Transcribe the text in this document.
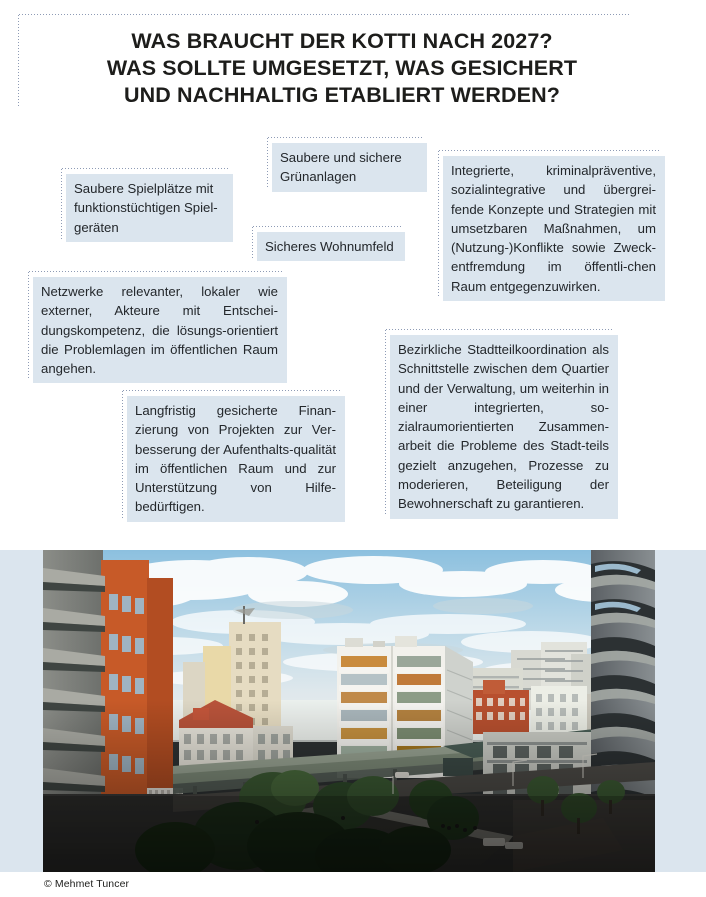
WAS BRAUCHT DER KOTTI NACH 2027?
WAS SOLLTE UMGESETZT, WAS GESICHERT
UND NACHHALTIG ETABLIERT WERDEN?
Saubere Spielplätze mit funktionstüchtigen Spiel-geräten
Saubere und sichere Grünanlagen
Sicheres Wohnumfeld
Integrierte, kriminalpräventive, sozialintegrative und übergrei-fende Konzepte und Strategien mit umsetzbaren Maßnahmen, um (Nutzung-)Konflikte sowie Zweck-entfremdung im öffentli-chen Raum entgegenzuwirken.
Netzwerke relevanter, lokaler wie externer, Akteure mit Entschei-dungskompetenz, die lösungs-orientiert die Problemlagen im öffentlichen Raum angehen.
Langfristig gesicherte Finan-zierung von Projekten zur Ver-besserung der Aufenthalts-qualität im öffentlichen Raum und zur Unterstützung von Hilfe-bedürftigen.
Bezirkliche Stadtteilkoordination als Schnittstelle zwischen dem Quartier und der Verwaltung, um weiterhin in einer integrierten, so-zialraumorientierten Zusammen-arbeit die Probleme des Stadt-teils gezielt anzugehen, Prozesse zu moderieren, Beteiligung der Bewohnerschaft zu garantieren.
© Mehmet Tuncer
